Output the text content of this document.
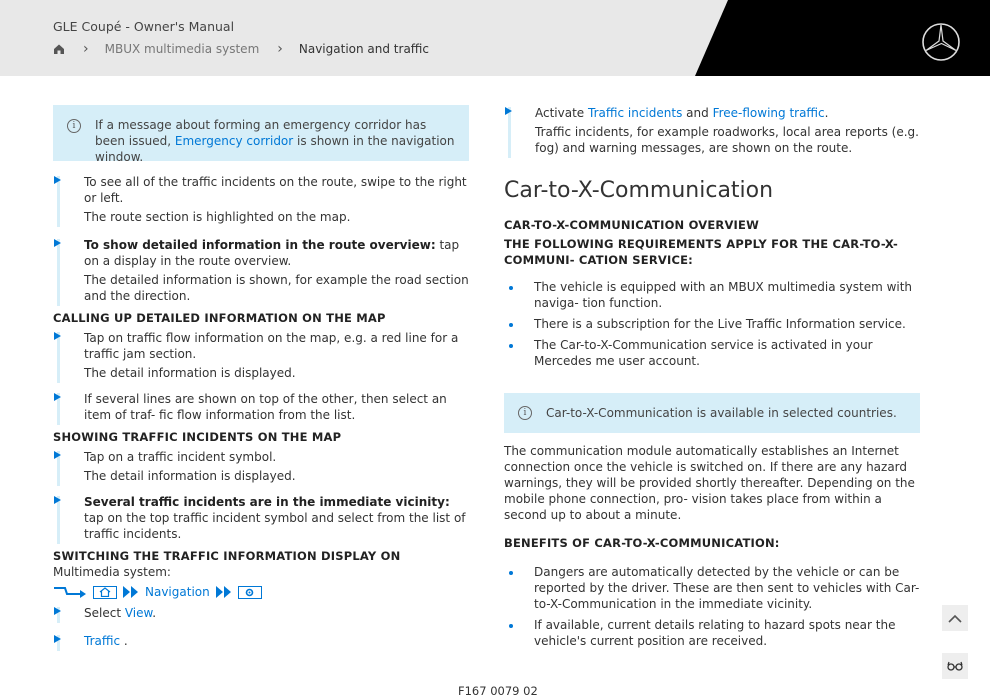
GLE Coupé - Owner's Manual
› MBUX multimedia system › Navigation and traffic
i	If a message about forming an emergency corridor has been issued, Emergency corridor is shown in the navigation window.

To see all of the traffic incidents on the route, swipe to the right or left.

The route section is highlighted on the map.

To show detailed information in the route overview: tap on a display in the route overview.

The detailed information is shown, for example the road section and the direction.

CALLING UP DETAILED INFORMATION ON THE MAP

Tap on traffic flow information on the map, e.g. a red line for a traffic jam section.

The detail information is displayed.

If several lines are shown on top of the other, then select an item of traf- fic flow information from the list.

SHOWING TRAFFIC INCIDENTS ON THE MAP

Tap on a traffic incident symbol.

The detail information is displayed.

Several traffic incidents are in the immediate vicinity: tap on the top traffic incident symbol and select from the list of traffic incidents.

SWITCHING THE TRAFFIC INFORMATION DISPLAY ON
Multimedia system:
Navigation

Select View.

Traffic .

Activate Traffic incidents and Free-flowing traffic.

Traffic incidents, for example roadworks, local area reports (e.g. fog) and warning messages, are shown on the route.

Car-to-X-Communication
CAR-TO-X-COMMUNICATION OVERVIEW
THE FOLLOWING REQUIREMENTS APPLY FOR THE CAR-TO-X-COMMUNI- CATION SERVICE:
The vehicle is equipped with an MBUX multimedia system with naviga- tion function.
There is a subscription for the Live Traffic Information service.
The Car-to-X-Communication service is activated in your Mercedes me user account.
i	Car-to-X-Communication is available in selected countries.

The communication module automatically establishes an Internet connection once the vehicle is switched on. If there are any hazard warnings, they will be provided shortly thereafter. Depending on the mobile phone connection, pro- vision takes place from within a second up to about a minute.

BENEFITS OF CAR-TO-X-COMMUNICATION:
Dangers are automatically detected by the vehicle or can be reported by the driver. These are then sent to vehicles with Car-to-X-Communication in the immediate vicinity.
If available, current details relating to hazard spots near the vehicle's current position are received.
F167 0079 02
